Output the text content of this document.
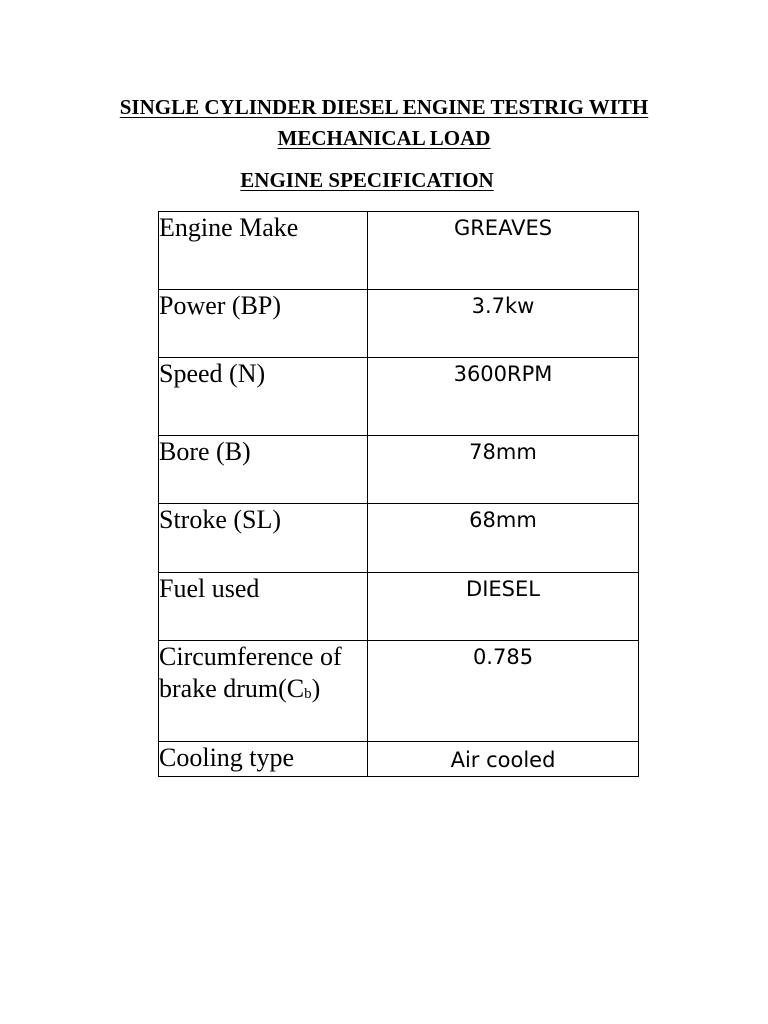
SINGLE CYLINDER DIESEL ENGINE TESTRIG WITH
MECHANICAL LOAD
ENGINE SPECIFICATION
Engine Make	GREAVES
Power (BP)	3.7kw
Speed (N)	3600RPM
Bore (B)	78mm
Stroke (SL)	68mm
Fuel used	DIESEL
Circumference of
brake $drum(C_b)$	0.785
Cooling type	Air cooled
